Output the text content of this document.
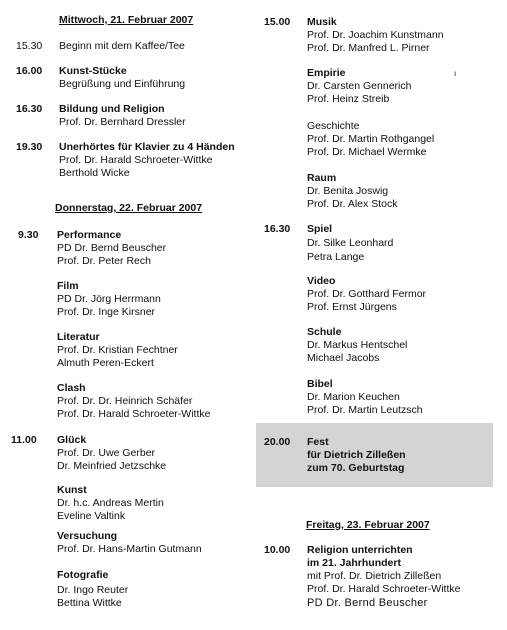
Mittwoch, 21. Februar 2007
15.30 Beginn mit dem Kaffee/Tee
16.00 Kunst-Stücke
Begrüßung und Einführung
16.30 Bildung und Religion
Prof. Dr. Bernhard Dressler
19.30 Unerhörtes für Klavier zu 4 Händen
Prof. Dr. Harald Schroeter-Wittke
Berthold Wicke
Donnerstag, 22. Februar 2007
9.30 Performance
PD Dr. Bernd Beuscher
Prof. Dr. Peter Rech
Film
PD Dr. Jörg Herrmann
Prof. Dr. Inge Kirsner
Literatur
Prof. Dr. Kristian Fechtner
Almuth Peren-Eckert
Clash
Prof. Dr. Dr. Heinrich Schäfer
Prof. Dr. Harald Schroeter-Wittke
11.00 Glück
Prof. Dr. Uwe Gerber
Dr. Meinfried Jetzschke
Kunst
Dr. h.c. Andreas Mertin
Eveline Valtink
Versuchung
Prof. Dr. Hans-Martin Gutmann
Fotografie
Dr. Ingo Reuter
Bettina Wittke
15.00 Musik
Prof. Dr. Joachim Kunstmann
Prof. Dr. Manfred L. Pirner
Empirie
Dr. Carsten Gennerich
Prof. Heinz Streib
ı
Geschichte
Prof. Dr. Martin Rothgangel
Prof. Dr. Michael Wermke
Raum
Dr. Benita Joswig
Prof. Dr. Alex Stock
16.30 Spiel
Dr. Silke Leonhard
Petra Lange
Video
Prof. Dr. Gotthard Fermor
Prof. Ernst Jürgens
Schule
Dr. Markus Hentschel
Michael Jacobs
Bibel
Dr. Marion Keuchen
Prof. Dr. Martin Leutzsch
20.00 Fest
für Dietrich Zilleßen
zum 70. Geburtstag
Freitag, 23. Februar 2007
10.00 Religion unterrichten
im 21. Jahrhundert
mit Prof. Dr. Dietrich Zilleßen
Prof. Dr. Harald Schroeter-Wittke
PD Dr. Bernd Beuscher
